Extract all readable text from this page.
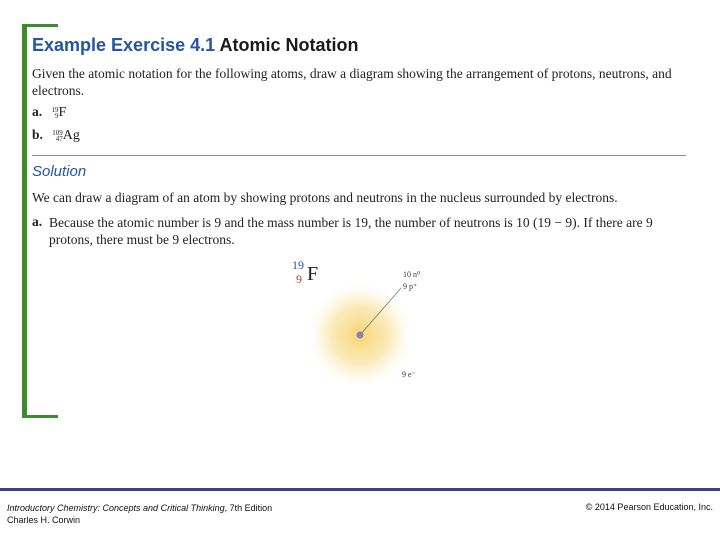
Example Exercise 4.1 Atomic Notation
Given the atomic notation for the following atoms, draw a diagram showing the arrangement of protons, neutrons, and electrons.
a. 19
9 F
b. 109
47 Ag
Solution
We can draw a diagram of an atom by showing protons and neutrons in the nucleus surrounded by electrons.
a. Because the atomic number is 9 and the mass number is 19, the number of neutrons is 10 (19 − 9). If there are 9 protons, there must be 9 electrons.
19
9 F	10 n⁰
9 p⁺
9 e⁻
Introductory Chemistry: Concepts and Critical Thinking, 7th Edition
Charles H. Corwin
© 2014 Pearson Education, Inc.
